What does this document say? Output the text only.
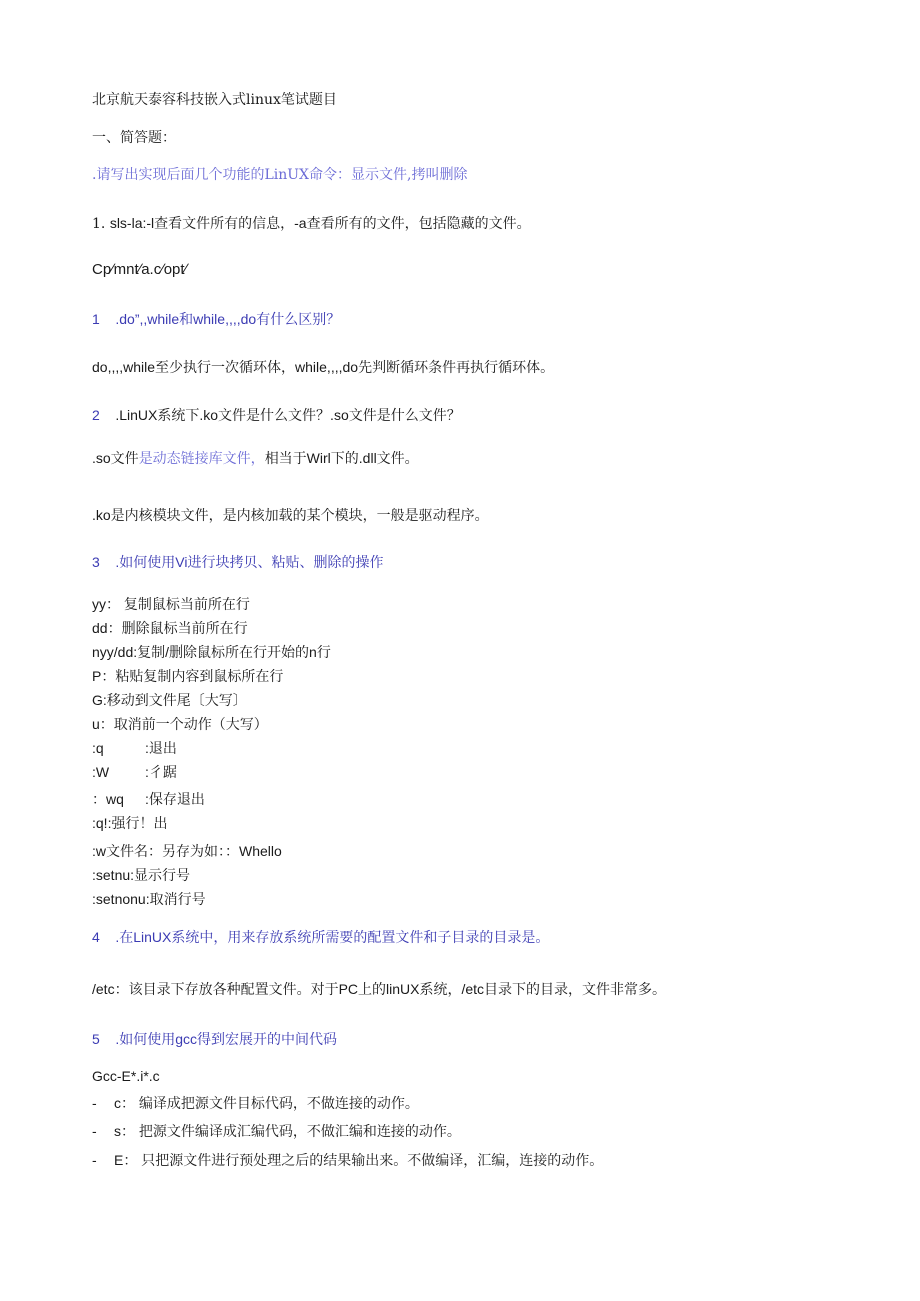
北京航天泰容科技嵌入式linux笔试题目
一、简答题：
.请写出实现后面几个功能的LinUX命令：显示文件,拷叫删除
1. sls-la:-l查看文件所有的信息，-a查看所有的文件，包括隐藏的文件。
Cp∕mnt∕a.c∕opt∕
1 .do”,,while和while,,,,do有什么区别？
do,,,,while至少执行一次循环体，while,,,,do先判断循环条件再执行循环体。
2 .LinUX系统下.ko文件是什么文件？.so文件是什么文件？
.so文件是动态链接库文件，相当于Wirl下的.dll文件。
.ko是内核模块文件，是内核加载的某个模块，一般是驱动程序。
3 .如何使用Vi进行块拷贝、粘贴、删除的操作
yy： 复制鼠标当前所在行
dd：删除鼠标当前所在行
nyy/dd:复制/删除鼠标所在行开始的n行
P：粘贴复制内容到鼠标所在行
G:移动到文件尾〔大写〕
u：取消前一个动作（大写）
:q	:退出
:W	:彳踞
：wq :保存退出
:q!:强行！出
:w文件名：另存为如：：Whello
:setnu:显示行号
:setnonu:取消行号
4 .在LinUX系统中，用来存放系统所需要的配置文件和子目录的目录是。
/etc：该目录下存放各种配置文件。对于PC上的linUX系统，/etc目录下的目录，文件非常多。
5 .如何使用gcc得到宏展开的中间代码
Gcc-E*.i*.c
- c： 编译成把源文件目标代码，不做连接的动作。
- s： 把源文件编译成汇编代码，不做汇编和连接的动作。
- E： 只把源文件进行预处理之后的结果输出来。不做编译，汇编，连接的动作。
